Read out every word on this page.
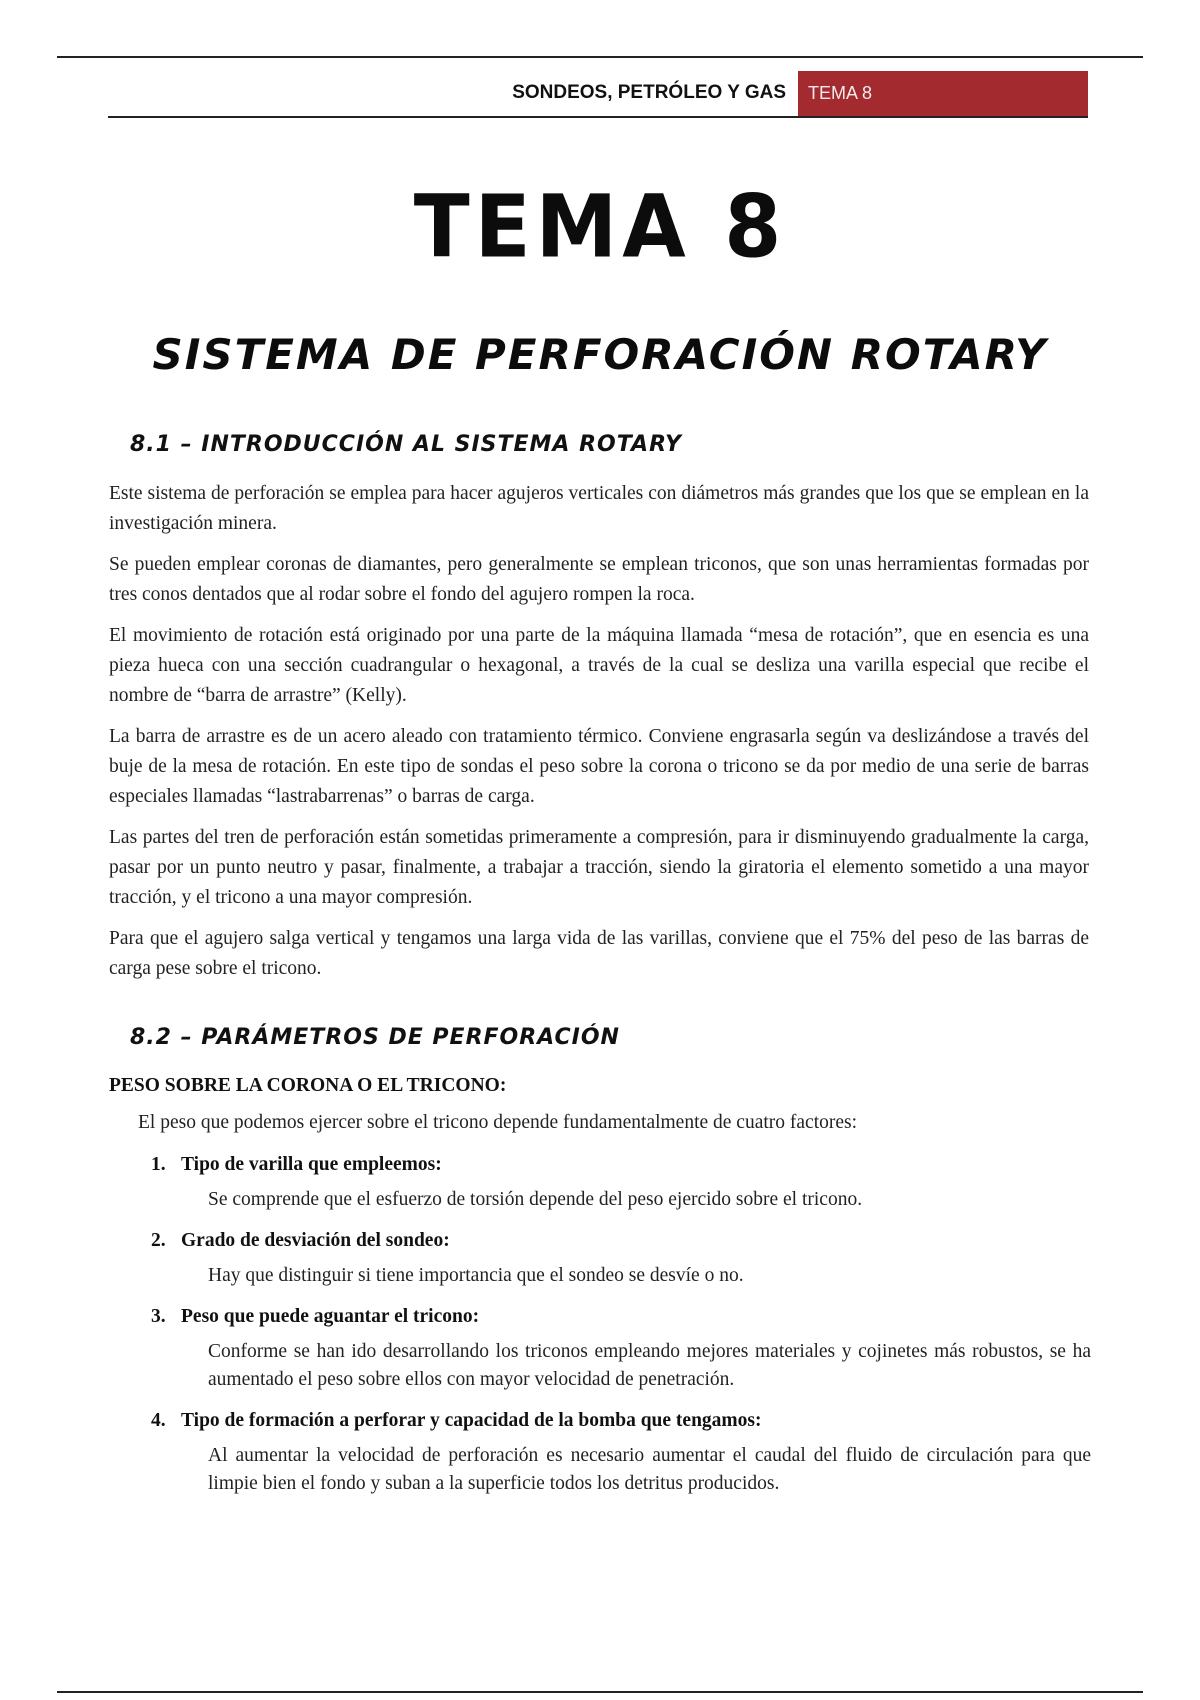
SONDEOS, PETRÓLEO Y GAS	TEMA 8
TEMA 8
SISTEMA DE PERFORACIÓN ROTARY
8.1 – INTRODUCCIÓN AL SISTEMA ROTARY

Este sistema de perforación se emplea para hacer agujeros verticales con diámetros más grandes que los que se emplean en la investigación minera.

Se pueden emplear coronas de diamantes, pero generalmente se emplean triconos, que son unas herramientas formadas por tres conos dentados que al rodar sobre el fondo del agujero rompen la roca.

El movimiento de rotación está originado por una parte de la máquina llamada “mesa de rotación”, que en esencia es una pieza hueca con una sección cuadrangular o hexagonal, a través de la cual se desliza una varilla especial que recibe el nombre de “barra de arrastre” (Kelly).

La barra de arrastre es de un acero aleado con tratamiento térmico. Conviene engrasarla según va deslizándose a través del buje de la mesa de rotación. En este tipo de sondas el peso sobre la corona o tricono se da por medio de una serie de barras especiales llamadas “lastrabarrenas” o barras de carga.

Las partes del tren de perforación están sometidas primeramente a compresión, para ir disminuyendo gradualmente la carga, pasar por un punto neutro y pasar, finalmente, a trabajar a tracción, siendo la giratoria el elemento sometido a una mayor tracción, y el tricono a una mayor compresión.

Para que el agujero salga vertical y tengamos una larga vida de las varillas, conviene que el 75% del peso de las barras de carga pese sobre el tricono.

8.2 – PARÁMETROS DE PERFORACIÓN
PESO SOBRE LA CORONA O EL TRICONO:
El peso que podemos ejercer sobre el tricono depende fundamentalmente de cuatro factores:
1. Tipo de varilla que empleemos:
Se comprende que el esfuerzo de torsión depende del peso ejercido sobre el tricono.
2. Grado de desviación del sondeo:
Hay que distinguir si tiene importancia que el sondeo se desvíe o no.
3. Peso que puede aguantar el tricono:
Conforme se han ido desarrollando los triconos empleando mejores materiales y cojinetes más robustos, se ha aumentado el peso sobre ellos con mayor velocidad de penetración.
4. Tipo de formación a perforar y capacidad de la bomba que tengamos:
Al aumentar la velocidad de perforación es necesario aumentar el caudal del fluido de circulación para que limpie bien el fondo y suban a la superficie todos los detritus producidos.
